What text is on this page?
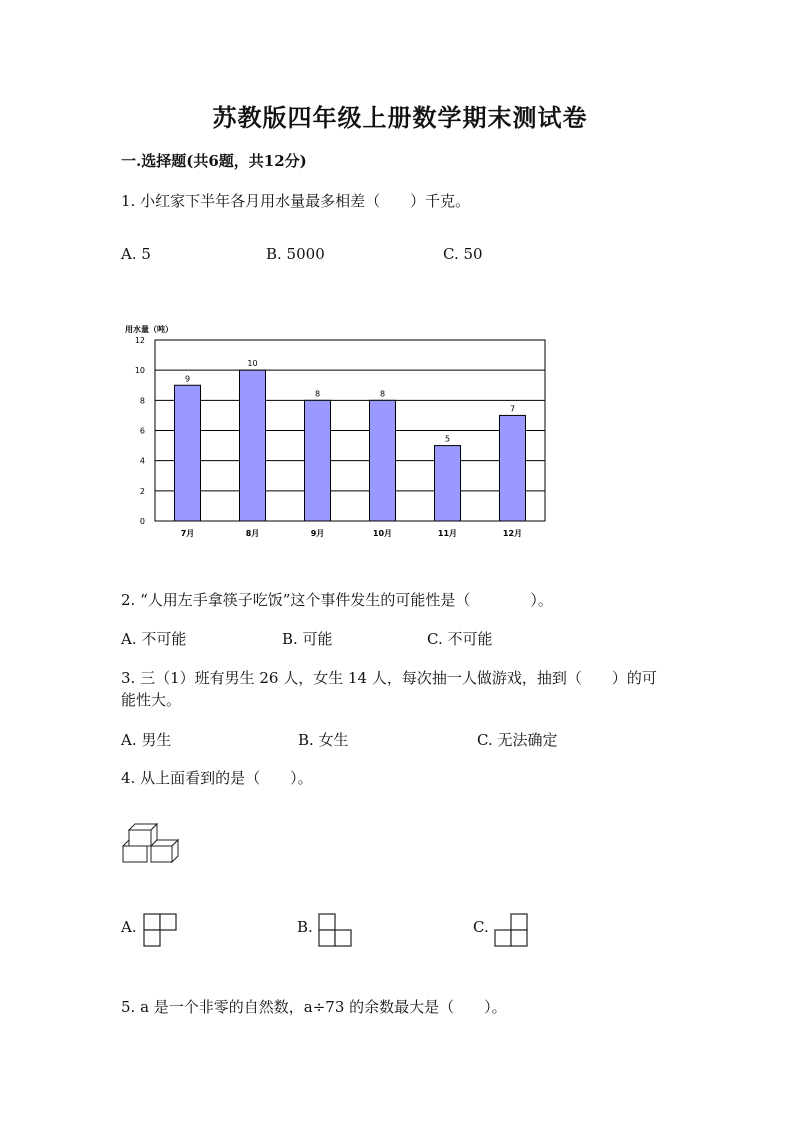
苏教版四年级上册数学期末测试卷
一.选择题(共6题，共12分)
1. 小红家下半年各月用水量最多相差（　　）千克。
A. 5	B. 5000	C. 50
用水量（吨）
0
2
4
6
8
10
12
9
10
8	8
5
7
7月	8月	9月	10月	11月	12月
2. “人用左手拿筷子吃饭”这个事件发生的可能性是（　　　　）。
A. 不可能	B. 可能	C. 不可能
3. 三（1）班有男生 26 人，女生 14 人，每次抽一人做游戏，抽到（　　）的可
能性大。
A. 男生	B. 女生	C. 无法确定
4. 从上面看到的是（　　）。
A.	B.	C.
5. a 是一个非零的自然数，a÷73 的余数最大是（　　）。
